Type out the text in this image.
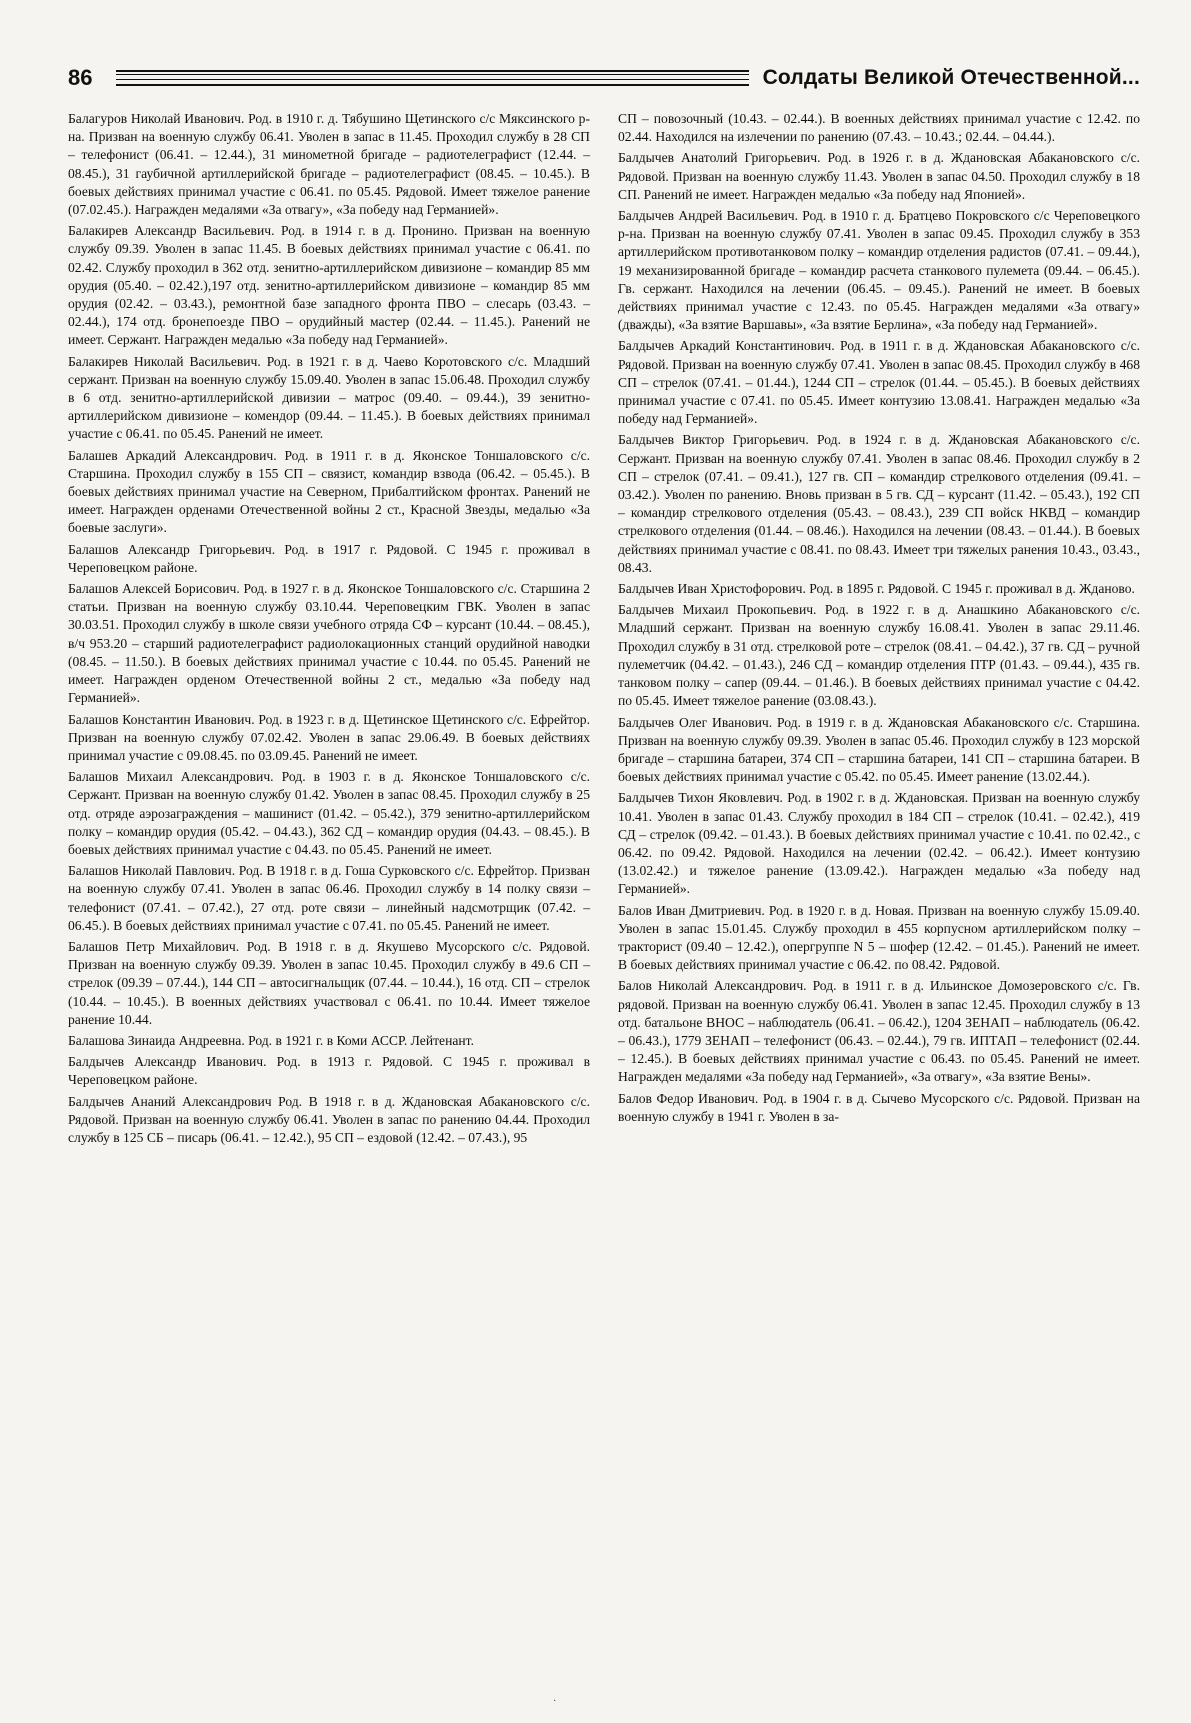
86	Солдаты Великой Отечественной...

Балагуров Николай Иванович. Род. в 1910 г. д. Тябушино Щетинского с/с Мяксинского р-на. Призван на военную службу 06.41. Уволен в запас в 11.45. Проходил службу в 28 СП – телефонист (06.41. – 12.44.), 31 минометной бригаде – радиотелеграфист (12.44. – 08.45.), 31 гаубичной артиллерийской бригаде – радиотелеграфист (08.45. – 10.45.). В боевых действиях принимал участие с 06.41. по 05.45. Рядовой. Имеет тяжелое ранение (07.02.45.). Награжден медалями «За отвагу», «За победу над Германией».

Балакирев Александр Васильевич. Род. в 1914 г. в д. Пронино. Призван на военную службу 09.39. Уволен в запас 11.45. В боевых действиях принимал участие с 06.41. по 02.42. Службу проходил в 362 отд. зенитно-артиллерийском дивизионе – командир 85 мм орудия (05.40. – 02.42.),197 отд. зенитно-артиллерийском дивизионе – командир 85 мм орудия (02.42. – 03.43.), ремонтной базе западного фронта ПВО – слесарь (03.43. – 02.44.), 174 отд. бронепоезде ПВО – орудийный мастер (02.44. – 11.45.). Ранений не имеет. Сержант. Награжден медалью «За победу над Германией».

Балакирев Николай Васильевич. Род. в 1921 г. в д. Чаево Коротовского с/с. Младший сержант. Призван на военную службу 15.09.40. Уволен в запас 15.06.48. Проходил службу в 6 отд. зенитно-артиллерийской дивизии – матрос (09.40. – 09.44.), 39 зенитно-артиллерийском дивизионе – комендор (09.44. – 11.45.). В боевых действиях принимал участие с 06.41. по 05.45. Ранений не имеет.

Балашев Аркадий Александрович. Род. в 1911 г. в д. Яконское Тоншаловского с/с. Старшина. Проходил службу в 155 СП – связист, командир взвода (06.42. – 05.45.). В боевых действиях принимал участие на Северном, Прибалтийском фронтах. Ранений не имеет. Награжден орденами Отечественной войны 2 ст., Красной Звезды, медалью «За боевые заслуги».

Балашов Александр Григорьевич. Род. в 1917 г. Рядовой. С 1945 г. проживал в Череповецком районе.

Балашов Алексей Борисович. Род. в 1927 г. в д. Яконское Тоншаловского с/с. Старшина 2 статьи. Призван на военную службу 03.10.44. Череповецким ГВК. Уволен в запас 30.03.51. Проходил службу в школе связи учебного отряда СФ – курсант (10.44. – 08.45.), в/ч 953.20 – старший радиотелеграфист радиолокационных станций орудийной наводки (08.45. – 11.50.). В боевых действиях принимал участие с 10.44. по 05.45. Ранений не имеет. Награжден орденом Отечественной войны 2 ст., медалью «За победу над Германией».

Балашов Константин Иванович. Род. в 1923 г. в д. Щетинское Щетинского с/с. Ефрейтор. Призван на военную службу 07.02.42. Уволен в запас 29.06.49. В боевых действиях принимал участие с 09.08.45. по 03.09.45. Ранений не имеет.

Балашов Михаил Александрович. Род. в 1903 г. в д. Яконское Тоншаловского с/с. Сержант. Призван на военную службу 01.42. Уволен в запас 08.45. Проходил службу в 25 отд. отряде аэрозаграждения – машинист (01.42. – 05.42.), 379 зенитно-артиллерийском полку – командир орудия (05.42. – 04.43.), 362 СД – командир орудия (04.43. – 08.45.). В боевых действиях принимал участие с 04.43. по 05.45. Ранений не имеет.

Балашов Николай Павлович. Род. В 1918 г. в д. Гоша Сурковского с/с. Ефрейтор. Призван на военную службу 07.41. Уволен в запас 06.46. Проходил службу в 14 полку связи – телефонист (07.41. – 07.42.), 27 отд. роте связи – линейный надсмотрщик (07.42. – 06.45.). В боевых действиях принимал участие с 07.41. по 05.45. Ранений не имеет.

Балашов Петр Михайлович. Род. В 1918 г. в д. Якушево Мусорского с/с. Рядовой. Призван на военную службу 09.39. Уволен в запас 10.45. Проходил службу в 49.6 СП – стрелок (09.39 – 07.44.), 144 СП – автосигнальщик (07.44. – 10.44.), 16 отд. СП – стрелок (10.44. – 10.45.). В военных действиях участвовал с 06.41. по 10.44. Имеет тяжелое ранение 10.44.

Балашова Зинаида Андреевна. Род. в 1921 г. в Коми АССР. Лейтенант.

Балдычев Александр Иванович. Род. в 1913 г. Рядовой. С 1945 г. проживал в Череповецком районе.

Балдычев Ананий Александрович Род. В 1918 г. в д. Ждановская Абакановского с/с. Рядовой. Призван на военную службу 06.41. Уволен в запас по ранению 04.44. Проходил службу в 125 СБ – писарь (06.41. – 12.42.), 95 СП – ездовой (12.42. – 07.43.), 95

СП – повозочный (10.43. – 02.44.). В военных действиях принимал участие с 12.42. по 02.44. Находился на излечении по ранению (07.43. – 10.43.; 02.44. – 04.44.).

Балдычев Анатолий Григорьевич. Род. в 1926 г. в д. Ждановская Абакановского с/с. Рядовой. Призван на военную службу 11.43. Уволен в запас 04.50. Проходил службу в 18 СП. Ранений не имеет. Награжден медалью «За победу над Японией».

Балдычев Андрей Васильевич. Род. в 1910 г. д. Братцево Покровского с/с Череповецкого р-на. Призван на военную службу 07.41. Уволен в запас 09.45. Проходил службу в 353 артиллерийском противотанковом полку – командир отделения радистов (07.41. – 09.44.), 19 механизированной бригаде – командир расчета станкового пулемета (09.44. – 06.45.). Гв. сержант. Находился на лечении (06.45. – 09.45.). Ранений не имеет. В боевых действиях принимал участие с 12.43. по 05.45. Награжден медалями «За отвагу» (дважды), «За взятие Варшавы», «За взятие Берлина», «За победу над Германией».

Балдычев Аркадий Константинович. Род. в 1911 г. в д. Ждановская Абакановского с/с. Рядовой. Призван на военную службу 07.41. Уволен в запас 08.45. Проходил службу в 468 СП – стрелок (07.41. – 01.44.), 1244 СП – стрелок (01.44. – 05.45.). В боевых действиях принимал участие с 07.41. по 05.45. Имеет контузию 13.08.41. Награжден медалью «За победу над Германией».

Балдычев Виктор Григорьевич. Род. в 1924 г. в д. Ждановская Абакановского с/с. Сержант. Призван на военную службу 07.41. Уволен в запас 08.46. Проходил службу в 2 СП – стрелок (07.41. – 09.41.), 127 гв. СП – командир стрелкового отделения (09.41. – 03.42.). Уволен по ранению. Вновь призван в 5 гв. СД – курсант (11.42. – 05.43.), 192 СП – командир стрелкового отделения (05.43. – 08.43.), 239 СП войск НКВД – командир стрелкового отделения (01.44. – 08.46.). Находился на лечении (08.43. – 01.44.). В боевых действиях принимал участие с 08.41. по 08.43. Имеет три тяжелых ранения 10.43., 03.43., 08.43.

Балдычев Иван Христофорович. Род. в 1895 г. Рядовой. С 1945 г. проживал в д. Жданово.

Балдычев Михаил Прокопьевич. Род. в 1922 г. в д. Анашкино Абакановского с/с. Младший сержант. Призван на военную службу 16.08.41. Уволен в запас 29.11.46. Проходил службу в 31 отд. стрелковой роте – стрелок (08.41. – 04.42.), 37 гв. СД – ручной пулеметчик (04.42. – 01.43.), 246 СД – командир отделения ПТР (01.43. – 09.44.), 435 гв. танковом полку – сапер (09.44. – 01.46.). В боевых действиях принимал участие с 04.42. по 05.45. Имеет тяжелое ранение (03.08.43.).

Балдычев Олег Иванович. Род. в 1919 г. в д. Ждановская Абакановского с/с. Старшина. Призван на военную службу 09.39. Уволен в запас 05.46. Проходил службу в 123 морской бригаде – старшина батареи, 374 СП – старшина батареи, 141 СП – старшина батареи. В боевых действиях принимал участие с 05.42. по 05.45. Имеет ранение (13.02.44.).

Балдычев Тихон Яковлевич. Род. в 1902 г. в д. Ждановская. Призван на военную службу 10.41. Уволен в запас 01.43. Службу проходил в 184 СП – стрелок (10.41. – 02.42.), 419 СД – стрелок (09.42. – 01.43.). В боевых действиях принимал участие с 10.41. по 02.42., с 06.42. по 09.42. Рядовой. Находился на лечении (02.42. – 06.42.). Имеет контузию (13.02.42.) и тяжелое ранение (13.09.42.). Награжден медалью «За победу над Германией».

Балов Иван Дмитриевич. Род. в 1920 г. в д. Новая. Призван на военную службу 15.09.40. Уволен в запас 15.01.45. Службу проходил в 455 корпусном артиллерийском полку – тракторист (09.40 – 12.42.), опергруппе N 5 – шофер (12.42. – 01.45.). Ранений не имеет. В боевых действиях принимал участие с 06.42. по 08.42. Рядовой.

Балов Николай Александрович. Род. в 1911 г. в д. Ильинское Домозеровского с/с. Гв. рядовой. Призван на военную службу 06.41. Уволен в запас 12.45. Проходил службу в 13 отд. батальоне ВНОС – наблюдатель (06.41. – 06.42.), 1204 ЗЕНАП – наблюдатель (06.42. – 06.43.), 1779 ЗЕНАП – телефонист (06.43. – 02.44.), 79 гв. ИПТАП – телефонист (02.44. – 12.45.). В боевых действиях принимал участие с 06.43. по 05.45. Ранений не имеет. Награжден медалями «За победу над Германией», «За отвагу», «За взятие Вены».

Балов Федор Иванович. Род. в 1904 г. в д. Сычево Мусорского с/с. Рядовой. Призван на военную службу в 1941 г. Уволен в за-

·
